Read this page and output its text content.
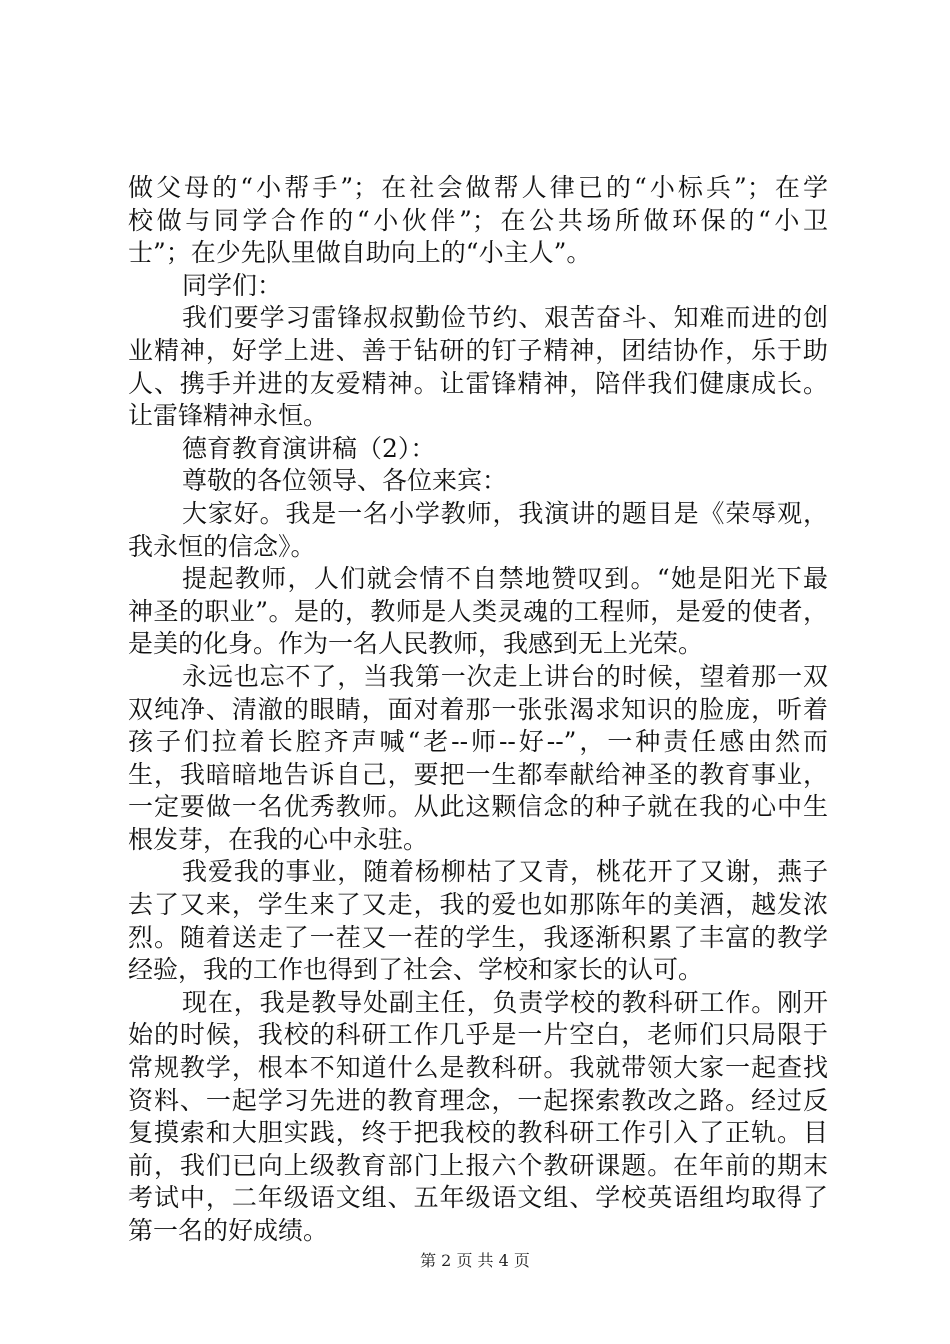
做父母的“小帮手”；在社会做帮人律已的“小标兵”；在学
校做与同学合作的“小伙伴”；在公共场所做环保的“小卫
士”；在少先队里做自助向上的“小主人”。
同学们：
我们要学习雷锋叔叔勤俭节约、艰苦奋斗、知难而进的创
业精神，好学上进、善于钻研的钉子精神，团结协作，乐于助
人、携手并进的友爱精神。让雷锋精神，陪伴我们健康成长。
让雷锋精神永恒。
德育教育演讲稿（2）：
尊敬的各位领导、各位来宾：
大家好。我是一名小学教师，我演讲的题目是《荣辱观，
我永恒的信念》。
提起教师，人们就会情不自禁地赞叹到。“她是阳光下最
神圣的职业”。是的，教师是人类灵魂的工程师，是爱的使者，
是美的化身。作为一名人民教师，我感到无上光荣。
永远也忘不了，当我第一次走上讲台的时候，望着那一双
双纯净、清澈的眼睛，面对着那一张张渴求知识的脸庞，听着
孩子们拉着长腔齐声喊“老--师--好--”，一种责任感由然而
生，我暗暗地告诉自己，要把一生都奉献给神圣的教育事业，
一定要做一名优秀教师。从此这颗信念的种子就在我的心中生
根发芽，在我的心中永驻。
我爱我的事业，随着杨柳枯了又青，桃花开了又谢，燕子
去了又来，学生来了又走，我的爱也如那陈年的美酒，越发浓
烈。随着送走了一茬又一茬的学生，我逐渐积累了丰富的教学
经验，我的工作也得到了社会、学校和家长的认可。
现在，我是教导处副主任，负责学校的教科研工作。刚开
始的时候，我校的科研工作几乎是一片空白，老师们只局限于
常规教学，根本不知道什么是教科研。我就带领大家一起查找
资料、一起学习先进的教育理念，一起探索教改之路。经过反
复摸索和大胆实践，终于把我校的教科研工作引入了正轨。目
前，我们已向上级教育部门上报六个教研课题。在年前的期末
考试中，二年级语文组、五年级语文组、学校英语组均取得了
第一名的好成绩。
第 2 页 共 4 页
